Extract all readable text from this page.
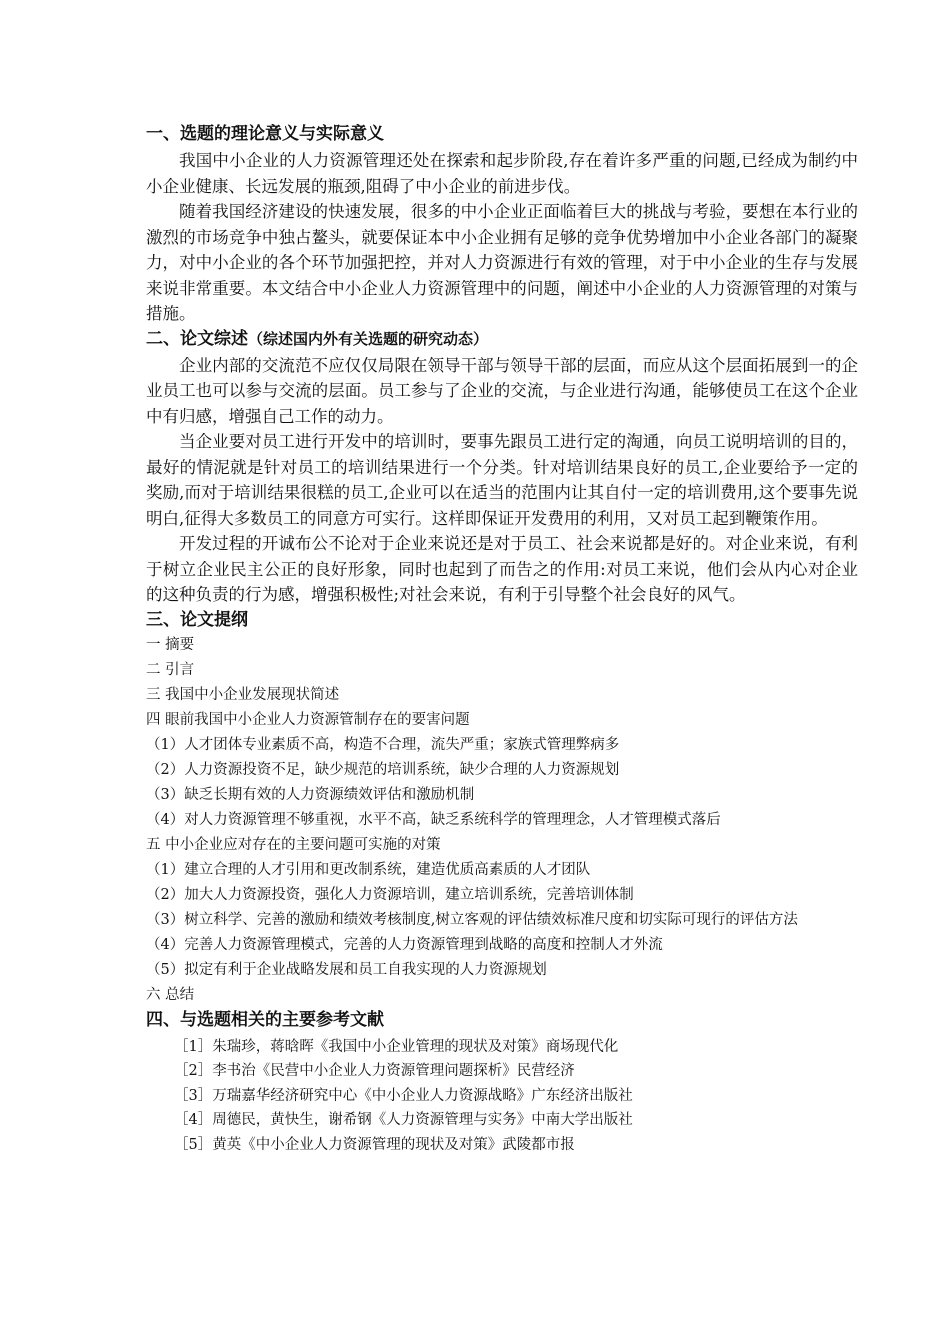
一、选题的理论意义与实际意义

我国中小企业的人力资源管理还处在探索和起步阶段,存在着许多严重的问题,已经成为制约中小企业健康、长远发展的瓶颈,阻碍了中小企业的前进步伐。

随着我国经济建设的快速发展，很多的中小企业正面临着巨大的挑战与考验，要想在本行业的激烈的市场竞争中独占鳌头，就要保证本中小企业拥有足够的竞争优势增加中小企业各部门的凝聚力，对中小企业的各个环节加强把控，并对人力资源进行有效的管理，对于中小企业的生存与发展来说非常重要。本文结合中小企业人力资源管理中的问题，阐述中小企业的人力资源管理的对策与措施。

二、论文综述（综述国内外有关选题的研究动态）

企业内部的交流范不应仅仅局限在领导干部与领导干部的层面，而应从这个层面拓展到一的企业员工也可以参与交流的层面。员工参与了企业的交流，与企业进行沟通，能够使员工在这个企业中有归感，增强自己工作的动力。

当企业要对员工进行开发中的培训时，要事先跟员工进行定的淘通，向员工说明培训的目的，最好的情泥就是针对员工的培训结果进行一个分类。针对培训结果良好的员工,企业要给予一定的奖励,而对于培训结果很糕的员工,企业可以在适当的范围内让其自付一定的培训费用,这个要事先说明白,征得大多数员工的同意方可实行。这样即保证开发费用的利用，又对员工起到鞭策作用。

开发过程的开诚布公不论对于企业来说还是对于员工、社会来说都是好的。对企业来说，有利于树立企业民主公正的良好形象，同时也起到了而告之的作用:对员工来说，他们会从内心对企业的这种负责的行为感，增强积极性;对社会来说，有利于引导整个社会良好的风气。

三、论文提纲

一 摘要

二 引言

三 我国中小企业发展现状简述

四 眼前我国中小企业人力资源管制存在的要害问题

（1）人才团体专业素质不高，构造不合理，流失严重；家族式管理弊病多

（2）人力资源投资不足，缺少规范的培训系统，缺少合理的人力资源规划

（3）缺乏长期有效的人力资源绩效评估和激励机制

（4）对人力资源管理不够重视，水平不高，缺乏系统科学的管理理念，人才管理模式落后

五 中小企业应对存在的主要问题可实施的对策

（1）建立合理的人才引用和更改制系统，建造优质高素质的人才团队

（2）加大人力资源投资，强化人力资源培训，建立培训系统，完善培训体制

（3）树立科学、完善的激励和绩效考核制度,树立客观的评估绩效标准尺度和切实际可现行的评估方法

（4）完善人力资源管理模式，完善的人力资源管理到战略的高度和控制人才外流

（5）拟定有利于企业战略发展和员工自我实现的人力资源规划

六 总结

四、与选题相关的主要参考文献

［1］朱瑞珍，蒋晗晖《我国中小企业管理的现状及对策》商场现代化

［2］李书治《民营中小企业人力资源管理问题探析》民营经济

［3］万瑞嘉华经济研究中心《中小企业人力资源战略》广东经济出版社

［4］周德民，黄快生，谢希钢《人力资源管理与实务》中南大学出版社

［5］黄英《中小企业人力资源管理的现状及对策》武陵都市报
